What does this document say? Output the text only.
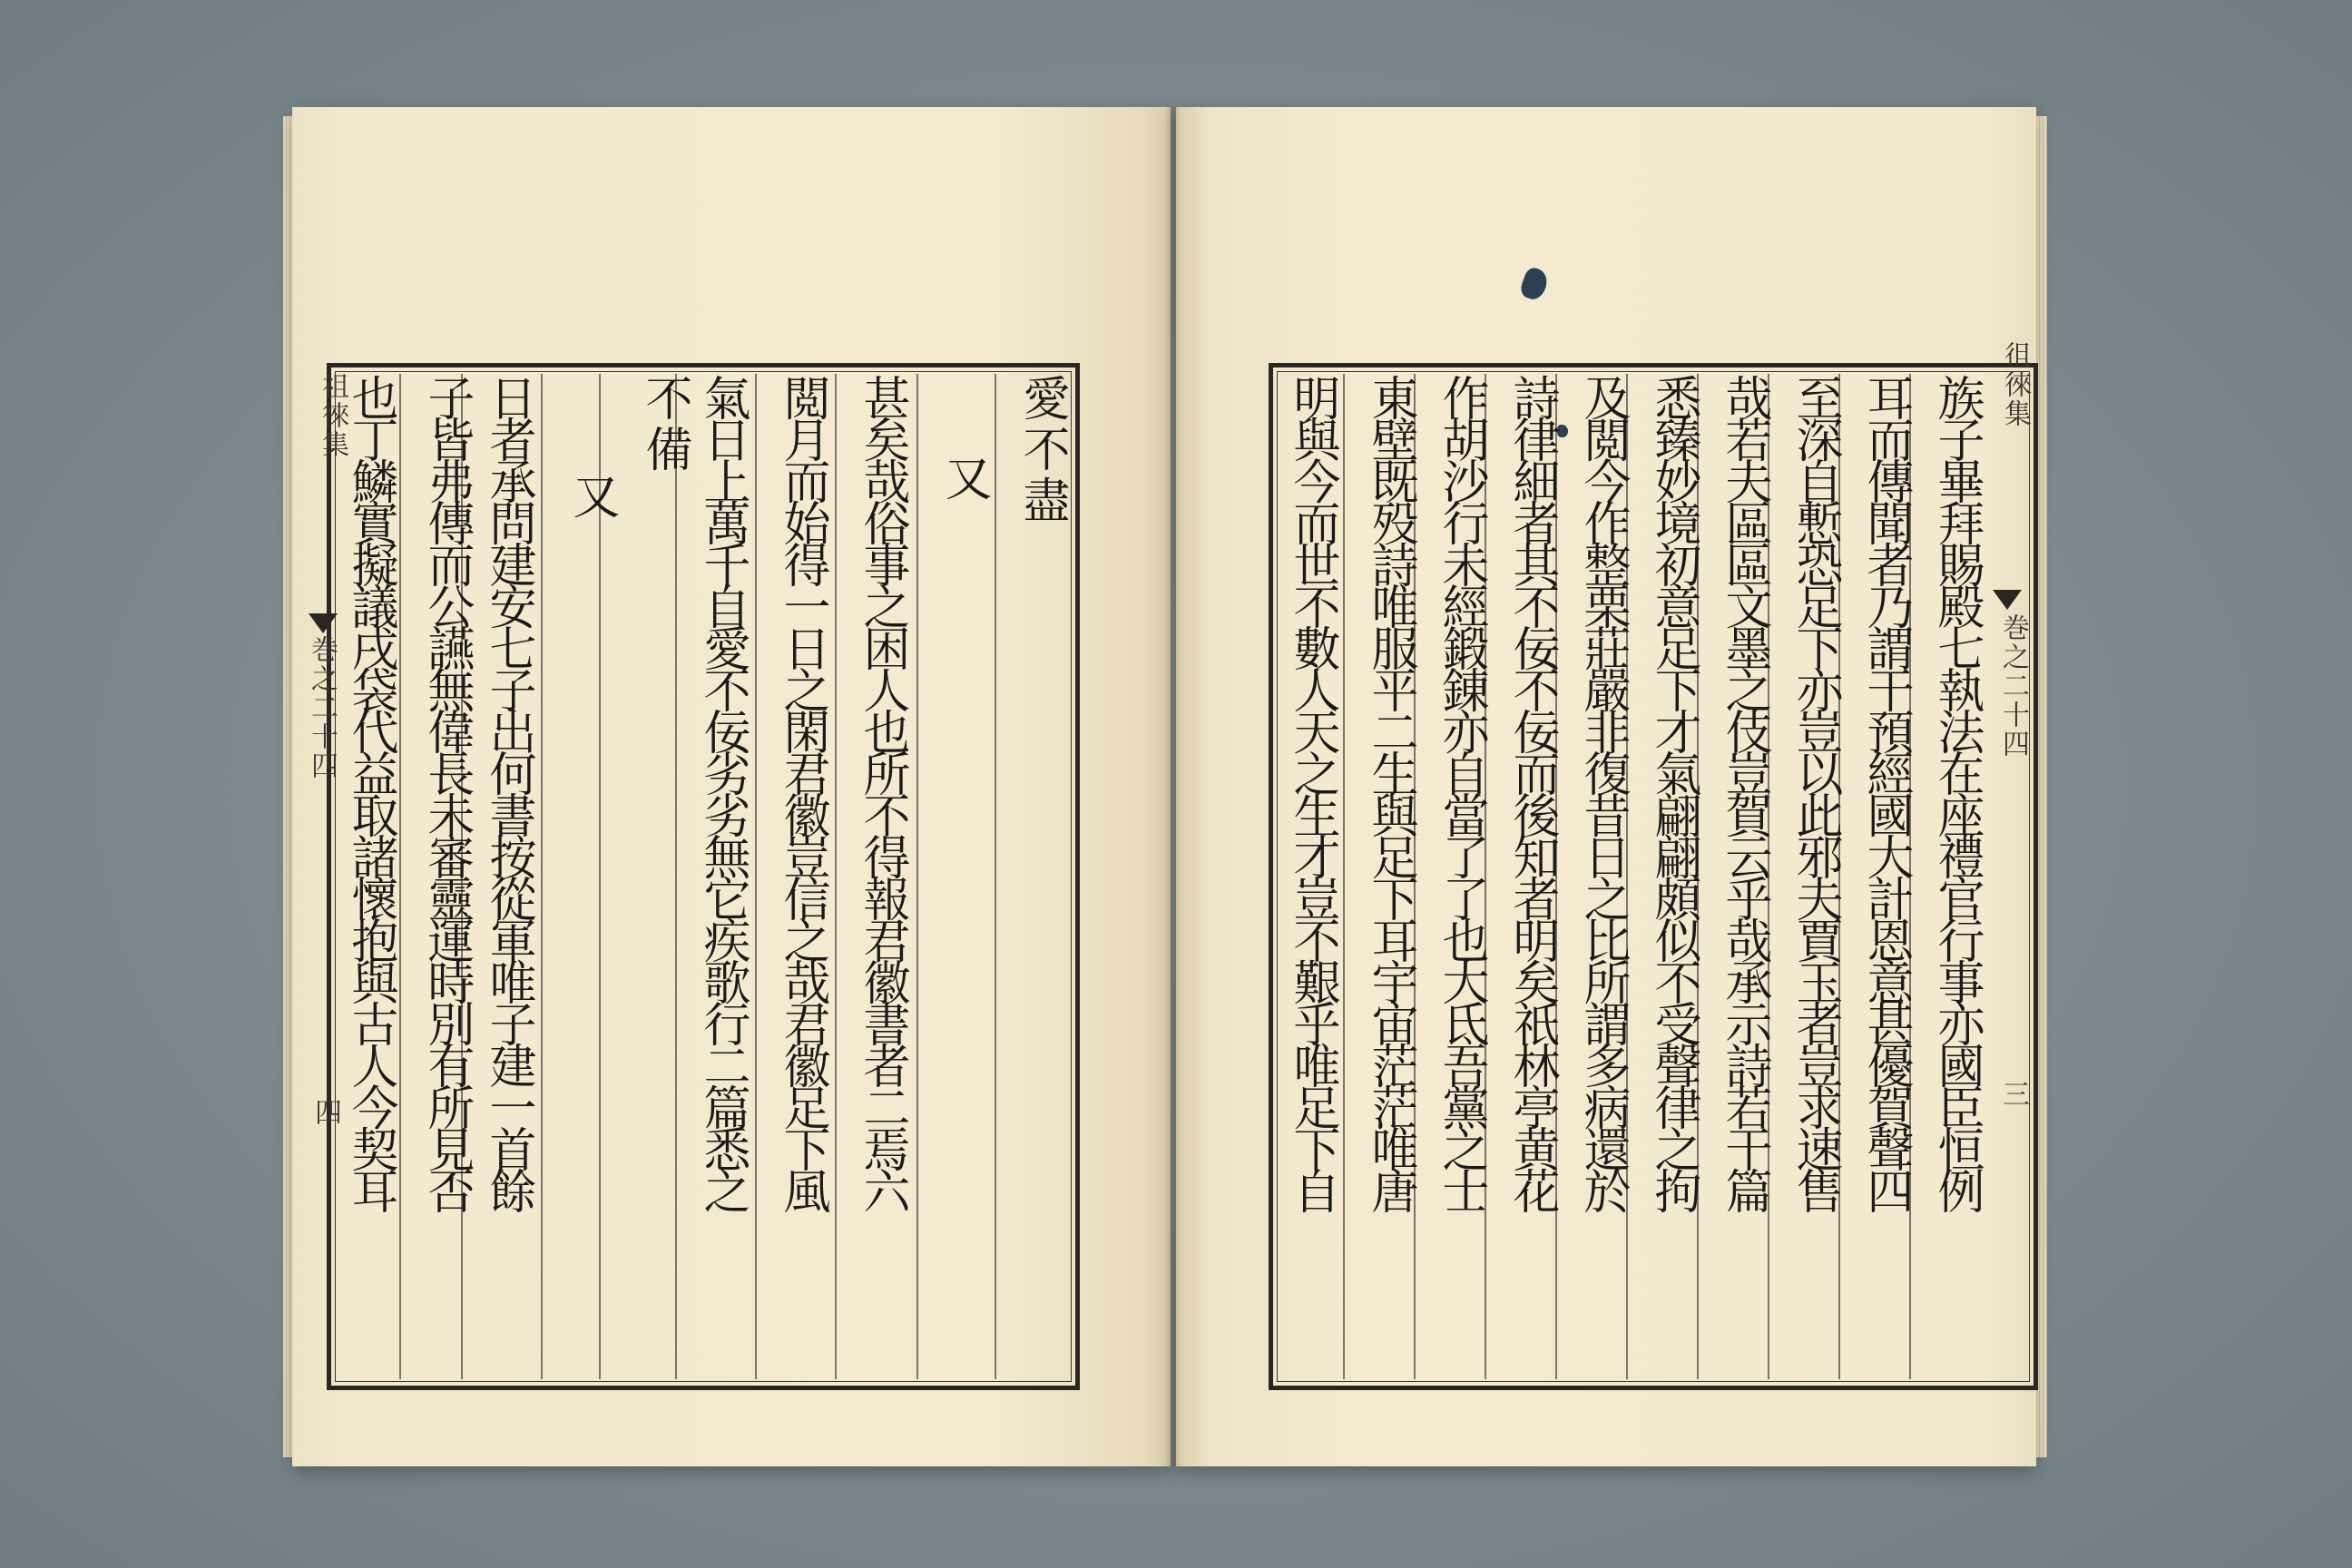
祖徠集
巻之二十四
四
愛不盡
又
甚矣哉俗事之困人也所不得報君徽書者二焉六
閲月而始得一日之閑君徽豈信之哉君徽足下風
氣日上萬千自愛不佞劣劣無它疾歌行二篇悉之
不備
又
日者承問建安七子出何書按從軍唯子建一首餘
子皆弗傳而公讌無偉長未審靈運時別有所見否
也丁鱗實擬議戌袋代益取諸懷抱與古人今契耳	徂徠集
巻之二十四
三
族子畢拜賜殿七執法在座禮官行事亦國臣恒例
耳而傳聞者乃謂干預經國大計恩意甚優賀聲四
至深自慙恐足下亦豈以此邪夫賈玉者豈求速售
哉若夫區區文墨之伎豈賀云乎哉承示詩若干篇
悉臻妙境初意足下才氣翩翩頗似不受聲律之拘
及閲今作整栗莊嚴非復昔日之比所謂多病還於
詩律細者其不佞不佞而後知者明矣祇林亭黄花
作胡沙行未經鍛錬亦自當了了也大氐吾黨之士
東壁既殁詩唯服平二生與足下耳宇宙茫茫唯唐
明與今而世不數人天之生才豈不艱乎唯足下自
